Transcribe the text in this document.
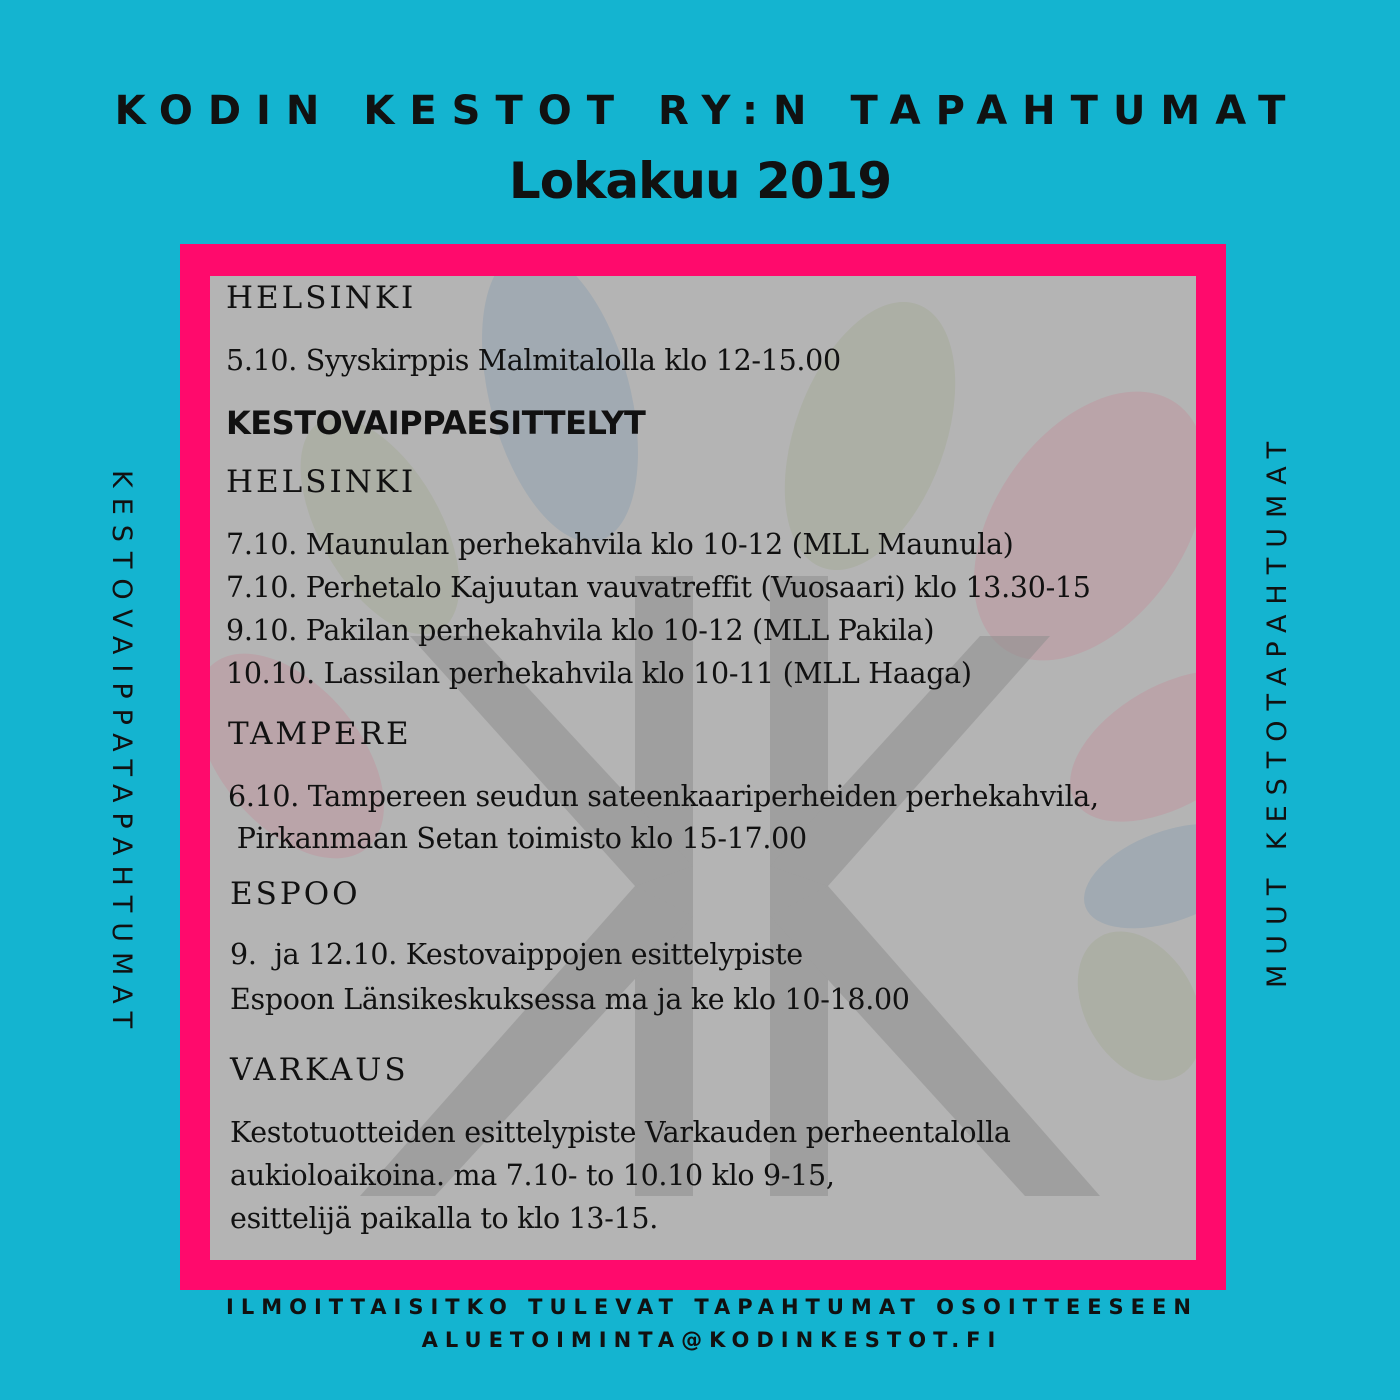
KODIN KESTOT RY:N TAPAHTUMAT
Lokakuu 2019
KESTOVAIPPATAPAHTUMAT	MUUT KESTOTAPAHTUMAT
HELSINKI
5.10. Syyskirppis Malmitalolla klo 12-15.00
KESTOVAIPPAESITTELYT
HELSINKI
7.10. Maunulan perhekahvila klo 10-12 (MLL Maunula)
7.10. Perhetalo Kajuutan vauvatreffit (Vuosaari) klo 13.30-15
9.10. Pakilan perhekahvila klo 10-12 (MLL Pakila)
10.10. Lassilan perhekahvila klo 10-11 (MLL Haaga)
TAMPERE
6.10. Tampereen seudun sateenkaariperheiden perhekahvila,
Pirkanmaan Setan toimisto klo 15-17.00
ESPOO
9.  ja 12.10. Kestovaippojen esittelypiste
Espoon Länsikeskuksessa ma ja ke klo 10-18.00
VARKAUS
Kestotuotteiden esittelypiste Varkauden perheentalolla
aukioloaikoina. ma 7.10- to 10.10 klo 9-15,
esittelijä paikalla to klo 13-15.
ILMOITTAISITKO TULEVAT TAPAHTUMAT OSOITTEESEEN
ALUETOIMINTA@KODINKESTOT.FI
